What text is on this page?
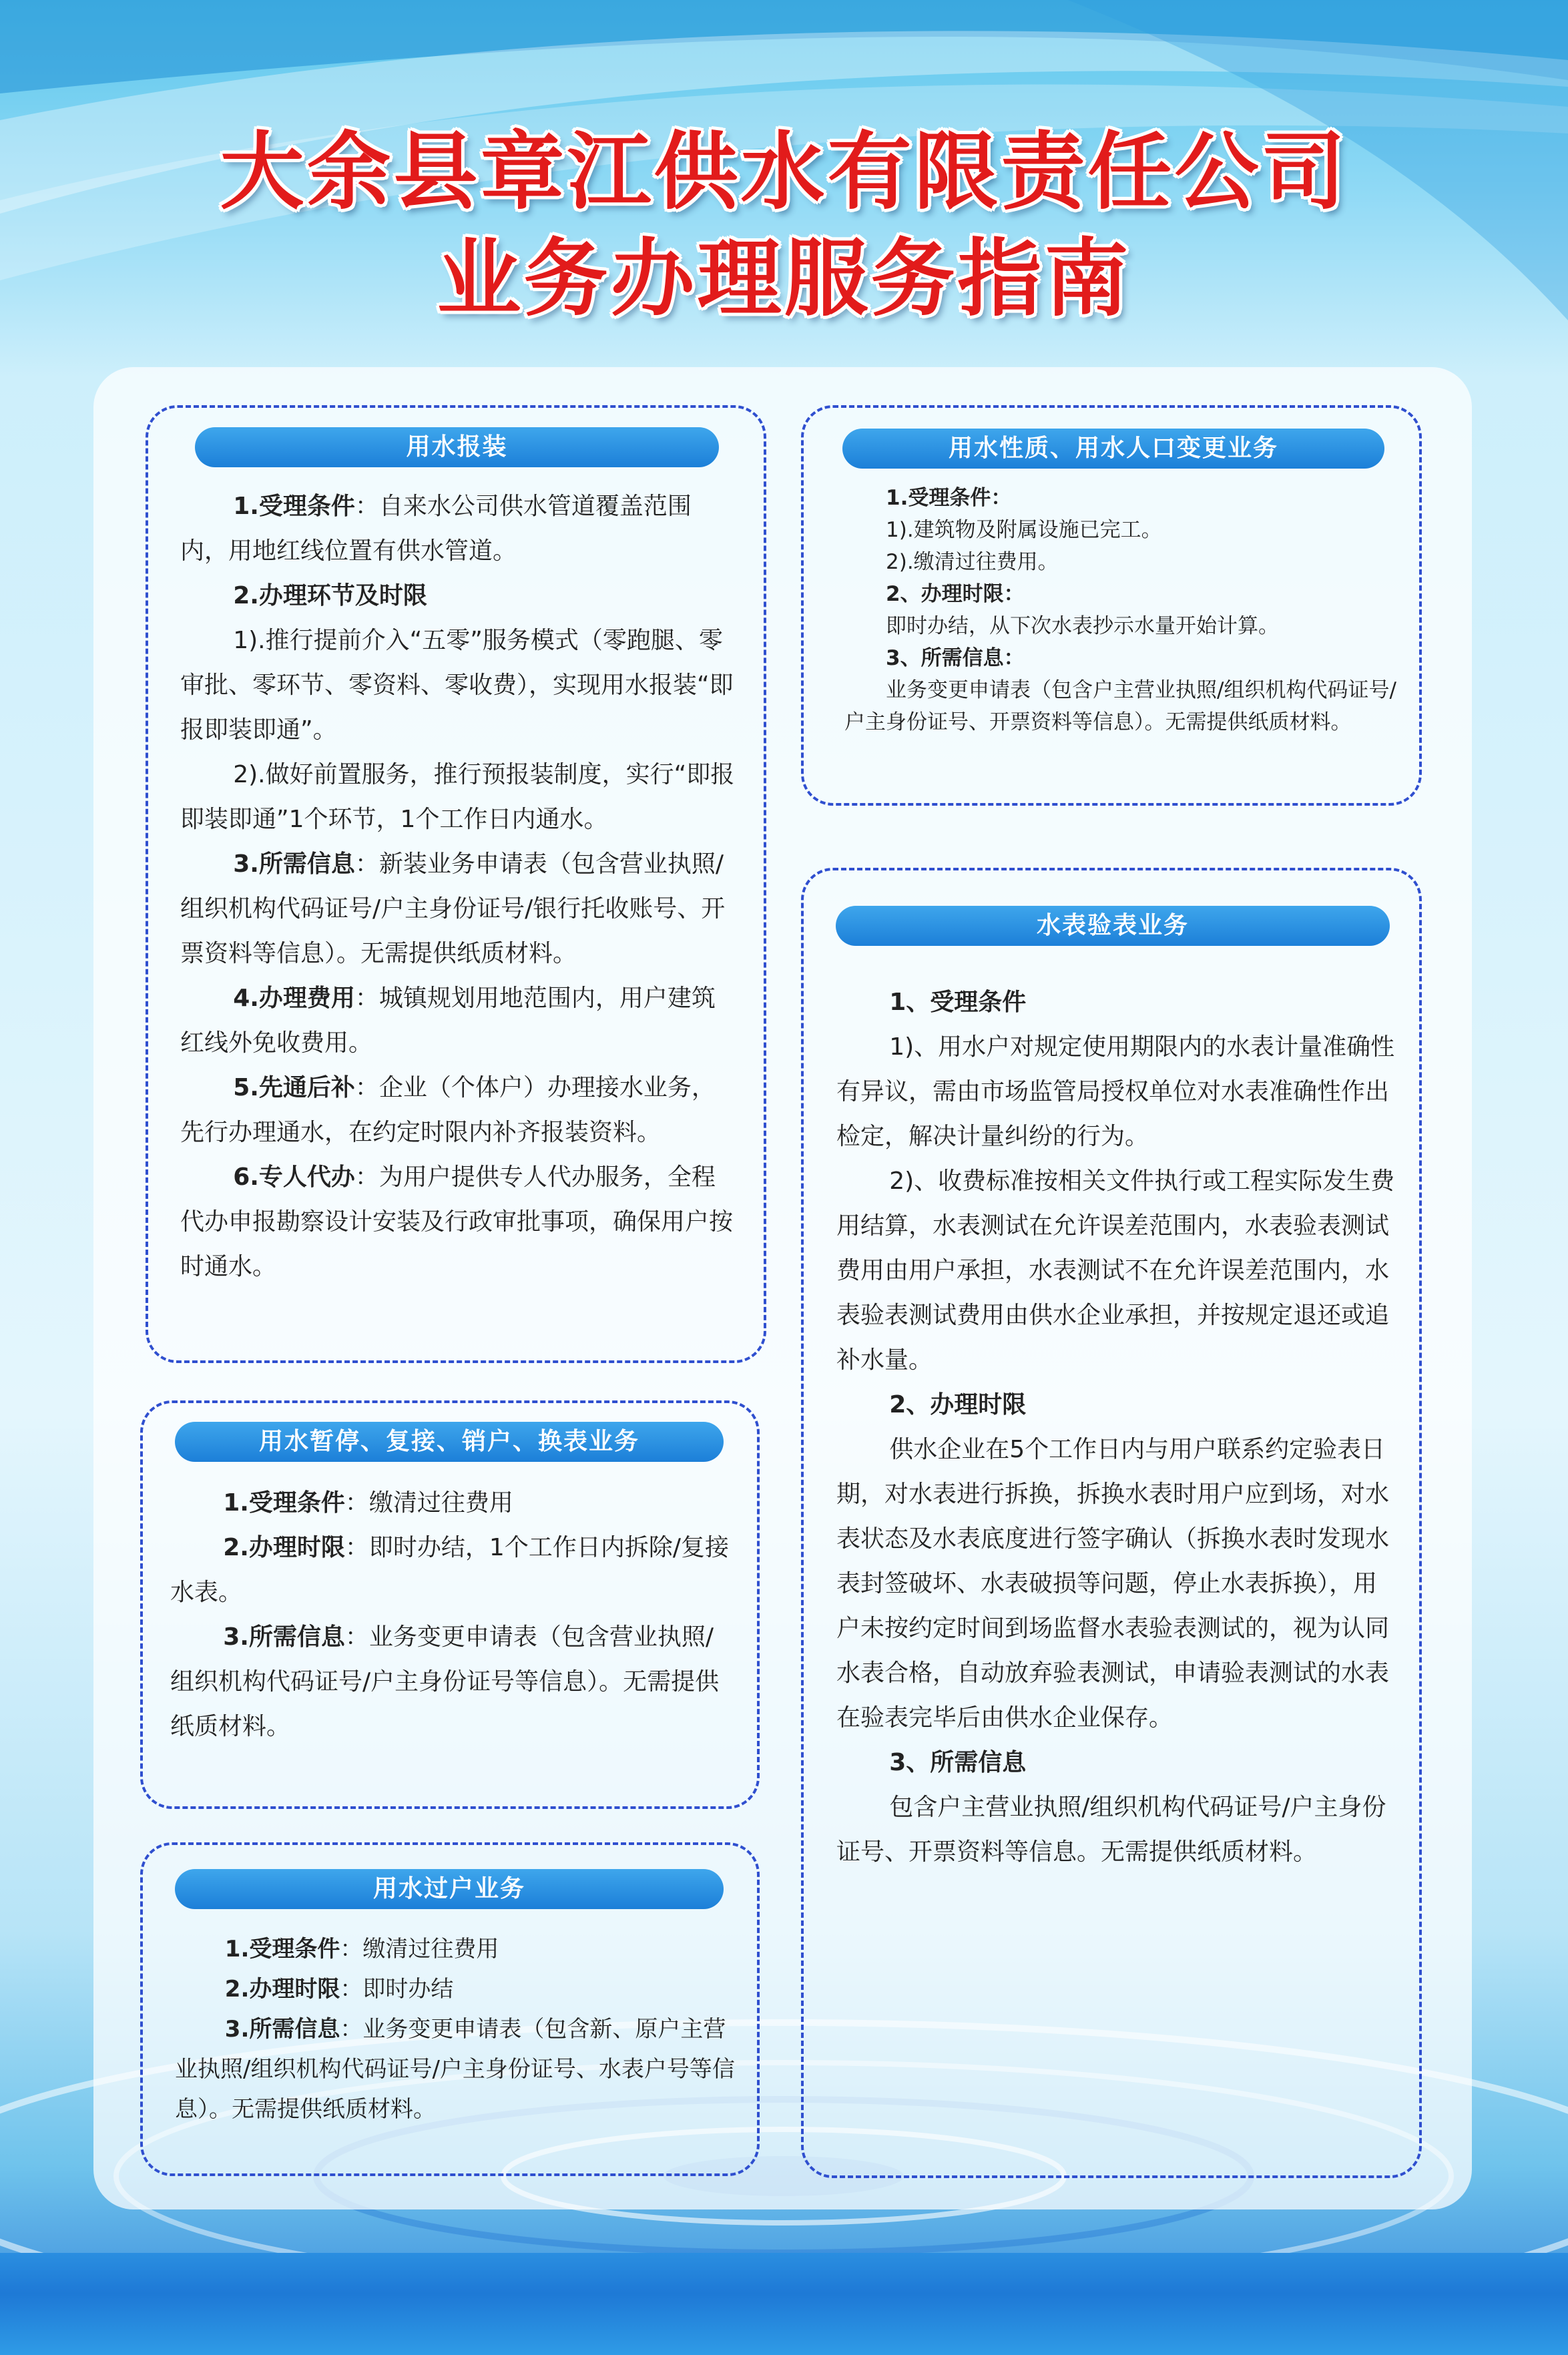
大余县章江供水有限责任公司
业务办理服务指南
用水报装

1.受理条件：自来水公司供水管道覆盖范围内，用地红线位置有供水管道。

2.办理环节及时限

1).推行提前介入“五零”服务模式（零跑腿、零审批、零环节、零资料、零收费），实现用水报装“即报即装即通”。

2).做好前置服务，推行预报装制度，实行“即报即装即通”1个环节，1个工作日内通水。

3.所需信息：新装业务申请表（包含营业执照/组织机构代码证号/户主身份证号/银行托收账号、开票资料等信息）。无需提供纸质材料。

4.办理费用：城镇规划用地范围内，用户建筑红线外免收费用。

5.先通后补：企业（个体户）办理接水业务，先行办理通水，在约定时限内补齐报装资料。

6.专人代办：为用户提供专人代办服务，全程代办申报勘察设计安装及行政审批事项，确保用户按时通水。

用水暂停、复接、销户、换表业务

1.受理条件：缴清过往费用

2.办理时限：即时办结，1个工作日内拆除/复接水表。

3.所需信息：业务变更申请表（包含营业执照/组织机构代码证号/户主身份证号等信息）。无需提供纸质材料。

用水过户业务

1.受理条件：缴清过往费用

2.办理时限：即时办结

3.所需信息：业务变更申请表（包含新、原户主营业执照/组织机构代码证号/户主身份证号、水表户号等信息）。无需提供纸质材料。

用水性质、用水人口变更业务

1.受理条件：

1).建筑物及附属设施已完工。

2).缴清过往费用。

2、办理时限：

即时办结，从下次水表抄示水量开始计算。

3、所需信息：

业务变更申请表（包含户主营业执照/组织机构代码证号/户主身份证号、开票资料等信息）。无需提供纸质材料。

水表验表业务

1、受理条件

1)、用水户对规定使用期限内的水表计量准确性有异议，需由市场监管局授权单位对水表准确性作出检定，解决计量纠纷的行为。

2)、收费标准按相关文件执行或工程实际发生费用结算，水表测试在允许误差范围内，水表验表测试费用由用户承担，水表测试不在允许误差范围内，水表验表测试费用由供水企业承担，并按规定退还或追补水量。

2、办理时限

供水企业在5个工作日内与用户联系约定验表日期，对水表进行拆换，拆换水表时用户应到场，对水表状态及水表底度进行签字确认（拆换水表时发现水表封签破坏、水表破损等问题，停止水表拆换），用户未按约定时间到场监督水表验表测试的，视为认同水表合格，自动放弃验表测试，申请验表测试的水表在验表完毕后由供水企业保存。

3、所需信息

包含户主营业执照/组织机构代码证号/户主身份证号、开票资料等信息。无需提供纸质材料。
